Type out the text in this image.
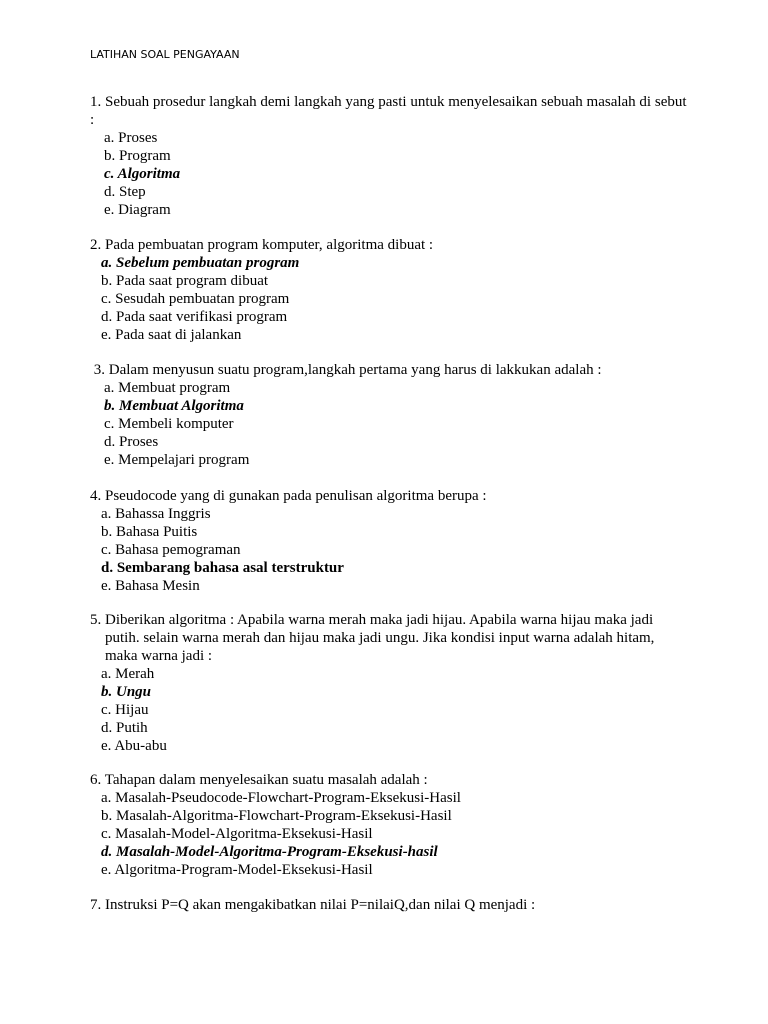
LATIHAN SOAL PENGAYAAN

1. Sebuah prosedur langkah demi langkah yang pasti untuk menyelesaikan sebuah masalah di sebut :

a. Proses
b. Program
c. Algoritma
d. Step
e. Diagram

2. Pada pembuatan program komputer, algoritma dibuat :

a. Sebelum pembuatan program
b. Pada saat program dibuat
c. Sesudah pembuatan program
d. Pada saat verifikasi program
e. Pada saat di jalankan

3. Dalam menyusun suatu program,langkah pertama yang harus di lakkukan adalah :

a. Membuat program
b. Membuat Algoritma
c. Membeli komputer
d. Proses
e. Mempelajari program

4. Pseudocode yang di gunakan pada penulisan algoritma berupa :

a. Bahassa Inggris
b. Bahasa Puitis
c. Bahasa pemograman
d. Sembarang bahasa asal terstruktur
e. Bahasa Mesin

5. Diberikan algoritma : Apabila warna merah maka jadi hijau. Apabila warna hijau maka jadi

putih. selain warna merah dan hijau maka jadi ungu. Jika kondisi input warna adalah hitam,

maka warna jadi :

a. Merah
b. Ungu
c. Hijau
d. Putih
e. Abu-abu

6. Tahapan dalam menyelesaikan suatu masalah adalah :

a. Masalah-Pseudocode-Flowchart-Program-Eksekusi-Hasil
b. Masalah-Algoritma-Flowchart-Program-Eksekusi-Hasil
c. Masalah-Model-Algoritma-Eksekusi-Hasil
d. Masalah-Model-Algoritma-Program-Eksekusi-hasil
e. Algoritma-Program-Model-Eksekusi-Hasil

7. Instruksi P=Q akan mengakibatkan nilai P=nilaiQ,dan nilai Q menjadi :
